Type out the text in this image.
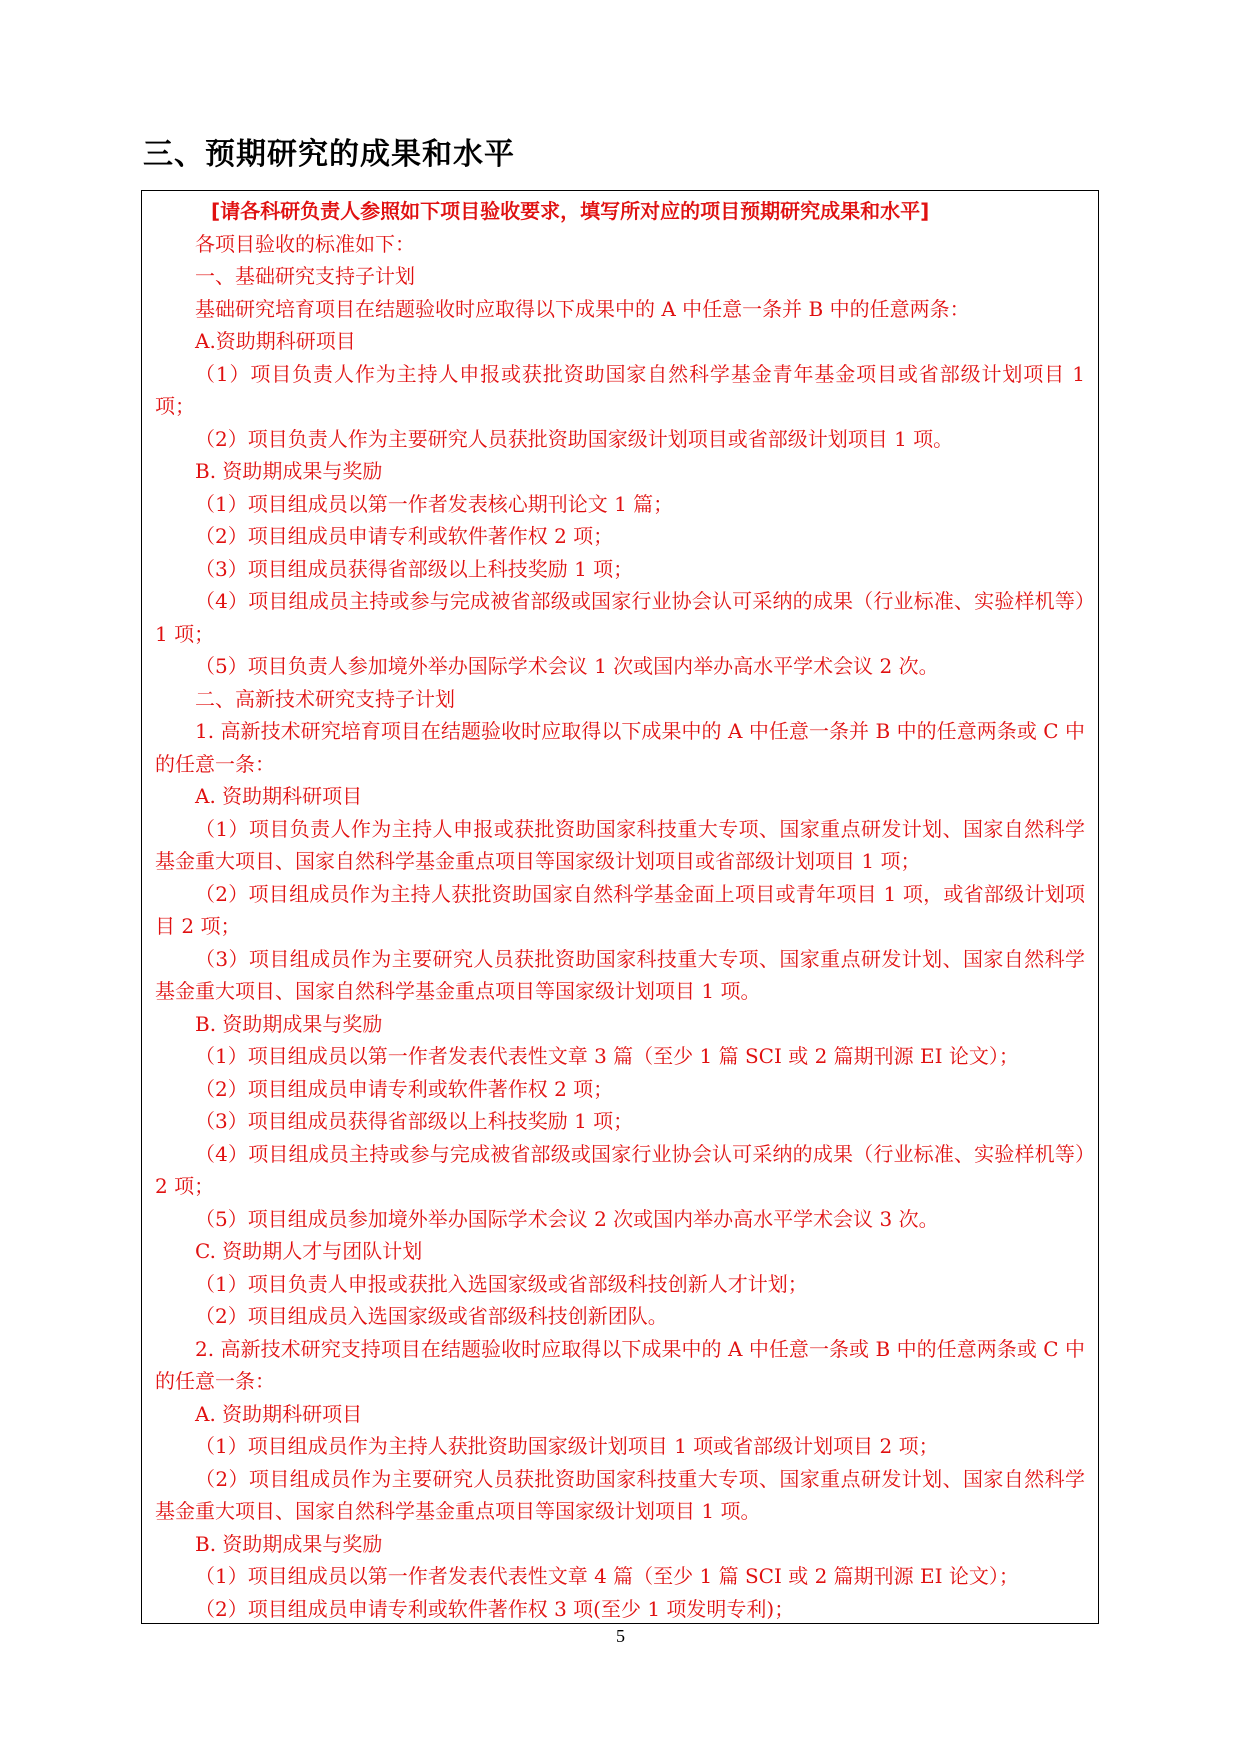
三、预期研究的成果和水平

[请各科研负责人参照如下项目验收要求，填写所对应的项目预期研究成果和水平]

各项目验收的标准如下：

一、基础研究支持子计划

基础研究培育项目在结题验收时应取得以下成果中的 A 中任意一条并 B 中的任意两条：

A.资助期科研项目

（1）项目负责人作为主持人申报或获批资助国家自然科学基金青年基金项目或省部级计划项目 1 项；

（2）项目负责人作为主要研究人员获批资助国家级计划项目或省部级计划项目 1 项。

B. 资助期成果与奖励

（1）项目组成员以第一作者发表核心期刊论文 1 篇；

（2）项目组成员申请专利或软件著作权 2 项；

（3）项目组成员获得省部级以上科技奖励 1 项；

（4）项目组成员主持或参与完成被省部级或国家行业协会认可采纳的成果（行业标准、实验样机等）1 项；

（5）项目负责人参加境外举办国际学术会议 1 次或国内举办高水平学术会议 2 次。

二、高新技术研究支持子计划

1. 高新技术研究培育项目在结题验收时应取得以下成果中的 A 中任意一条并 B 中的任意两条或 C 中的任意一条：

A. 资助期科研项目

（1）项目负责人作为主持人申报或获批资助国家科技重大专项、国家重点研发计划、国家自然科学基金重大项目、国家自然科学基金重点项目等国家级计划项目或省部级计划项目 1 项；

（2）项目组成员作为主持人获批资助国家自然科学基金面上项目或青年项目 1 项，或省部级计划项目 2 项；

（3）项目组成员作为主要研究人员获批资助国家科技重大专项、国家重点研发计划、国家自然科学基金重大项目、国家自然科学基金重点项目等国家级计划项目 1 项。

B. 资助期成果与奖励

（1）项目组成员以第一作者发表代表性文章 3 篇（至少 1 篇 SCI 或 2 篇期刊源 EI 论文）；

（2）项目组成员申请专利或软件著作权 2 项；

（3）项目组成员获得省部级以上科技奖励 1 项；

（4）项目组成员主持或参与完成被省部级或国家行业协会认可采纳的成果（行业标准、实验样机等）2 项；

（5）项目组成员参加境外举办国际学术会议 2 次或国内举办高水平学术会议 3 次。

C. 资助期人才与团队计划

（1）项目负责人申报或获批入选国家级或省部级科技创新人才计划；

（2）项目组成员入选国家级或省部级科技创新团队。

2. 高新技术研究支持项目在结题验收时应取得以下成果中的 A 中任意一条或 B 中的任意两条或 C 中的任意一条：

A. 资助期科研项目

（1）项目组成员作为主持人获批资助国家级计划项目 1 项或省部级计划项目 2 项；

（2）项目组成员作为主要研究人员获批资助国家科技重大专项、国家重点研发计划、国家自然科学基金重大项目、国家自然科学基金重点项目等国家级计划项目 1 项。

B. 资助期成果与奖励

（1）项目组成员以第一作者发表代表性文章 4 篇（至少 1 篇 SCI 或 2 篇期刊源 EI 论文）；

（2）项目组成员申请专利或软件著作权 3 项(至少 1 项发明专利)；

5
